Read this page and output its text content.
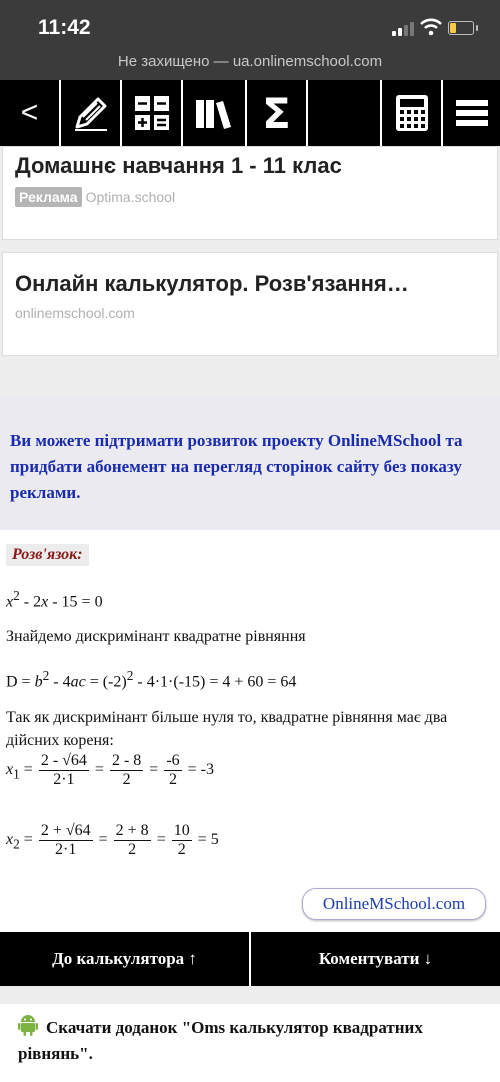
11:42
Не захищено — ua.onlinemschool.com
<	Σ
Домашнє навчання 1 - 11 клас
Реклама Optima.school
Онлайн калькулятор. Розв'язання…
onlinemschool.com

Ви можете підтримати розвиток проекту OnlineMSchool та придбати абонемент на перегляд сторінок сайту без показу реклами.

Розв'язок:
$x^2 - 2x - 15 = 0$
Знайдемо дискримінант квадратне рівняння
$D = b^2 - 4ac = (-2)^2 - 4\cdot 1\cdot(-15) = 4 + 60 = 64$
Так як дискримінант більше нуля то, квадратне рівняння має два дійсних кореня:
$x_1 = \frac{2 - √64}{2\cdot 1} = \frac{2 - 8}{2} = \frac{-6}{2} = -3$
$x_2 = \frac{2 + √64}{2\cdot 1} = \frac{2 + 8}{2} = \frac{10}{2} = 5$
OnlineMSchool.com
До калькулятора ↑	Коментувати ↓

Скачати доданок "Oms калькулятор квадратних рівнянь".
